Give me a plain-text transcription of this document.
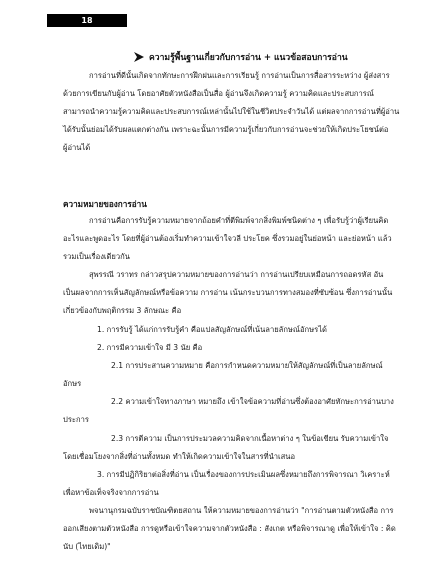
18
ความรู้พื้นฐานเกี่ยวกับการอ่าน + แนวข้อสอบการอ่าน
การอ่านที่ดีนั้นเกิดจากทักษะการฝึกฝนและการเรียนรู้ การอ่านเป็นการสื่อสารระหว่าง ผู้ส่งสาร
ด้วยการเขียนกับผู้อ่าน โดยอาศัยตัวหนังสือเป็นสื่อ ผู้อ่านจึงเกิดความรู้ ความคิดและประสบการณ์
สามารถนำความรู้ความคิดและประสบการณ์เหล่านั้นไปใช้ในชีวิตประจำวันได้ แต่ผลจากการอ่านที่ผู้อ่าน
ได้รับนั้นย่อมได้รับผลแตกต่างกัน เพราะฉะนั้นการมีความรู้เกี่ยวกับการอ่านจะช่วยให้เกิดประโยชน์ต่อ
ผู้อ่านได้
ความหมายของการอ่าน
การอ่านคือการรับรู้ความหมายจากถ้อยคำที่ตีพิมพ์จากสิ่งพิมพ์ชนิดต่าง ๆ เพื่อรับรู้ว่าผู้เรียนคิด
อะไรและพูดอะไร โดยที่ผู้อ่านต้องเริ่มทำความเข้าใจวลี ประโยค ซึ่งรวมอยู่ในย่อหน้า และย่อหน้า แล้ว
รวมเป็นเรื่องเดียวกัน
สุพรรณี วราทร กล่าวสรุปความหมายของการอ่านว่า การอ่านเปรียบเหมือนการถอดรหัส อัน
เป็นผลจากการเห็นสัญลักษณ์หรือข้อความ การอ่าน เน้นกระบวนการทางสมองที่ซับซ้อน ซึ่งการอ่านนั้น
เกี่ยวข้องกับพฤติกรรม 3 ลักษณะ คือ
1. การรับรู้ ได้แก่การรับรู้คำ คือแปลสัญลักษณ์ที่เน้นลายลักษณ์อักษรได้
2. การมีความเข้าใจ มี 3 นัย คือ
2.1 การประสานความหมาย คือการกำหนดความหมายให้สัญลักษณ์ที่เป็นลายลักษณ์
อักษร
2.2 ความเข้าใจทางภาษา หมายถึง เข้าใจข้อความที่อ่านซึ่งต้องอาศัยทักษะการอ่านบาง
ประการ
2.3 การตีความ เป็นการประมวลความคิดจากเนื้อหาต่าง ๆ ในข้อเขียน รับความเข้าใจ
โดยเชื่อมโยงจากสิ่งที่อ่านทั้งหมด ทำให้เกิดความเข้าใจในสารที่นำเสนอ
3. การมีปฏิกิริยาต่อสิ่งที่อ่าน เป็นเรื่องของการประเมินผลซึ่งหมายถึงการพิจารณา วิเคราะห์
เพื่อหาข้อเท็จจริงจากการอ่าน
พจนานุกรมฉบับราชบัณฑิตยสถาน ให้ความหมายของการอ่านว่า "การอ่านตามตัวหนังสือ การ
ออกเสียงตามตัวหนังสือ การดูหรือเข้าใจความจากตัวหนังสือ : สังเกต หรือพิจารณาดู เพื่อให้เข้าใจ : คิด
นับ (ไทยเดิม)"
